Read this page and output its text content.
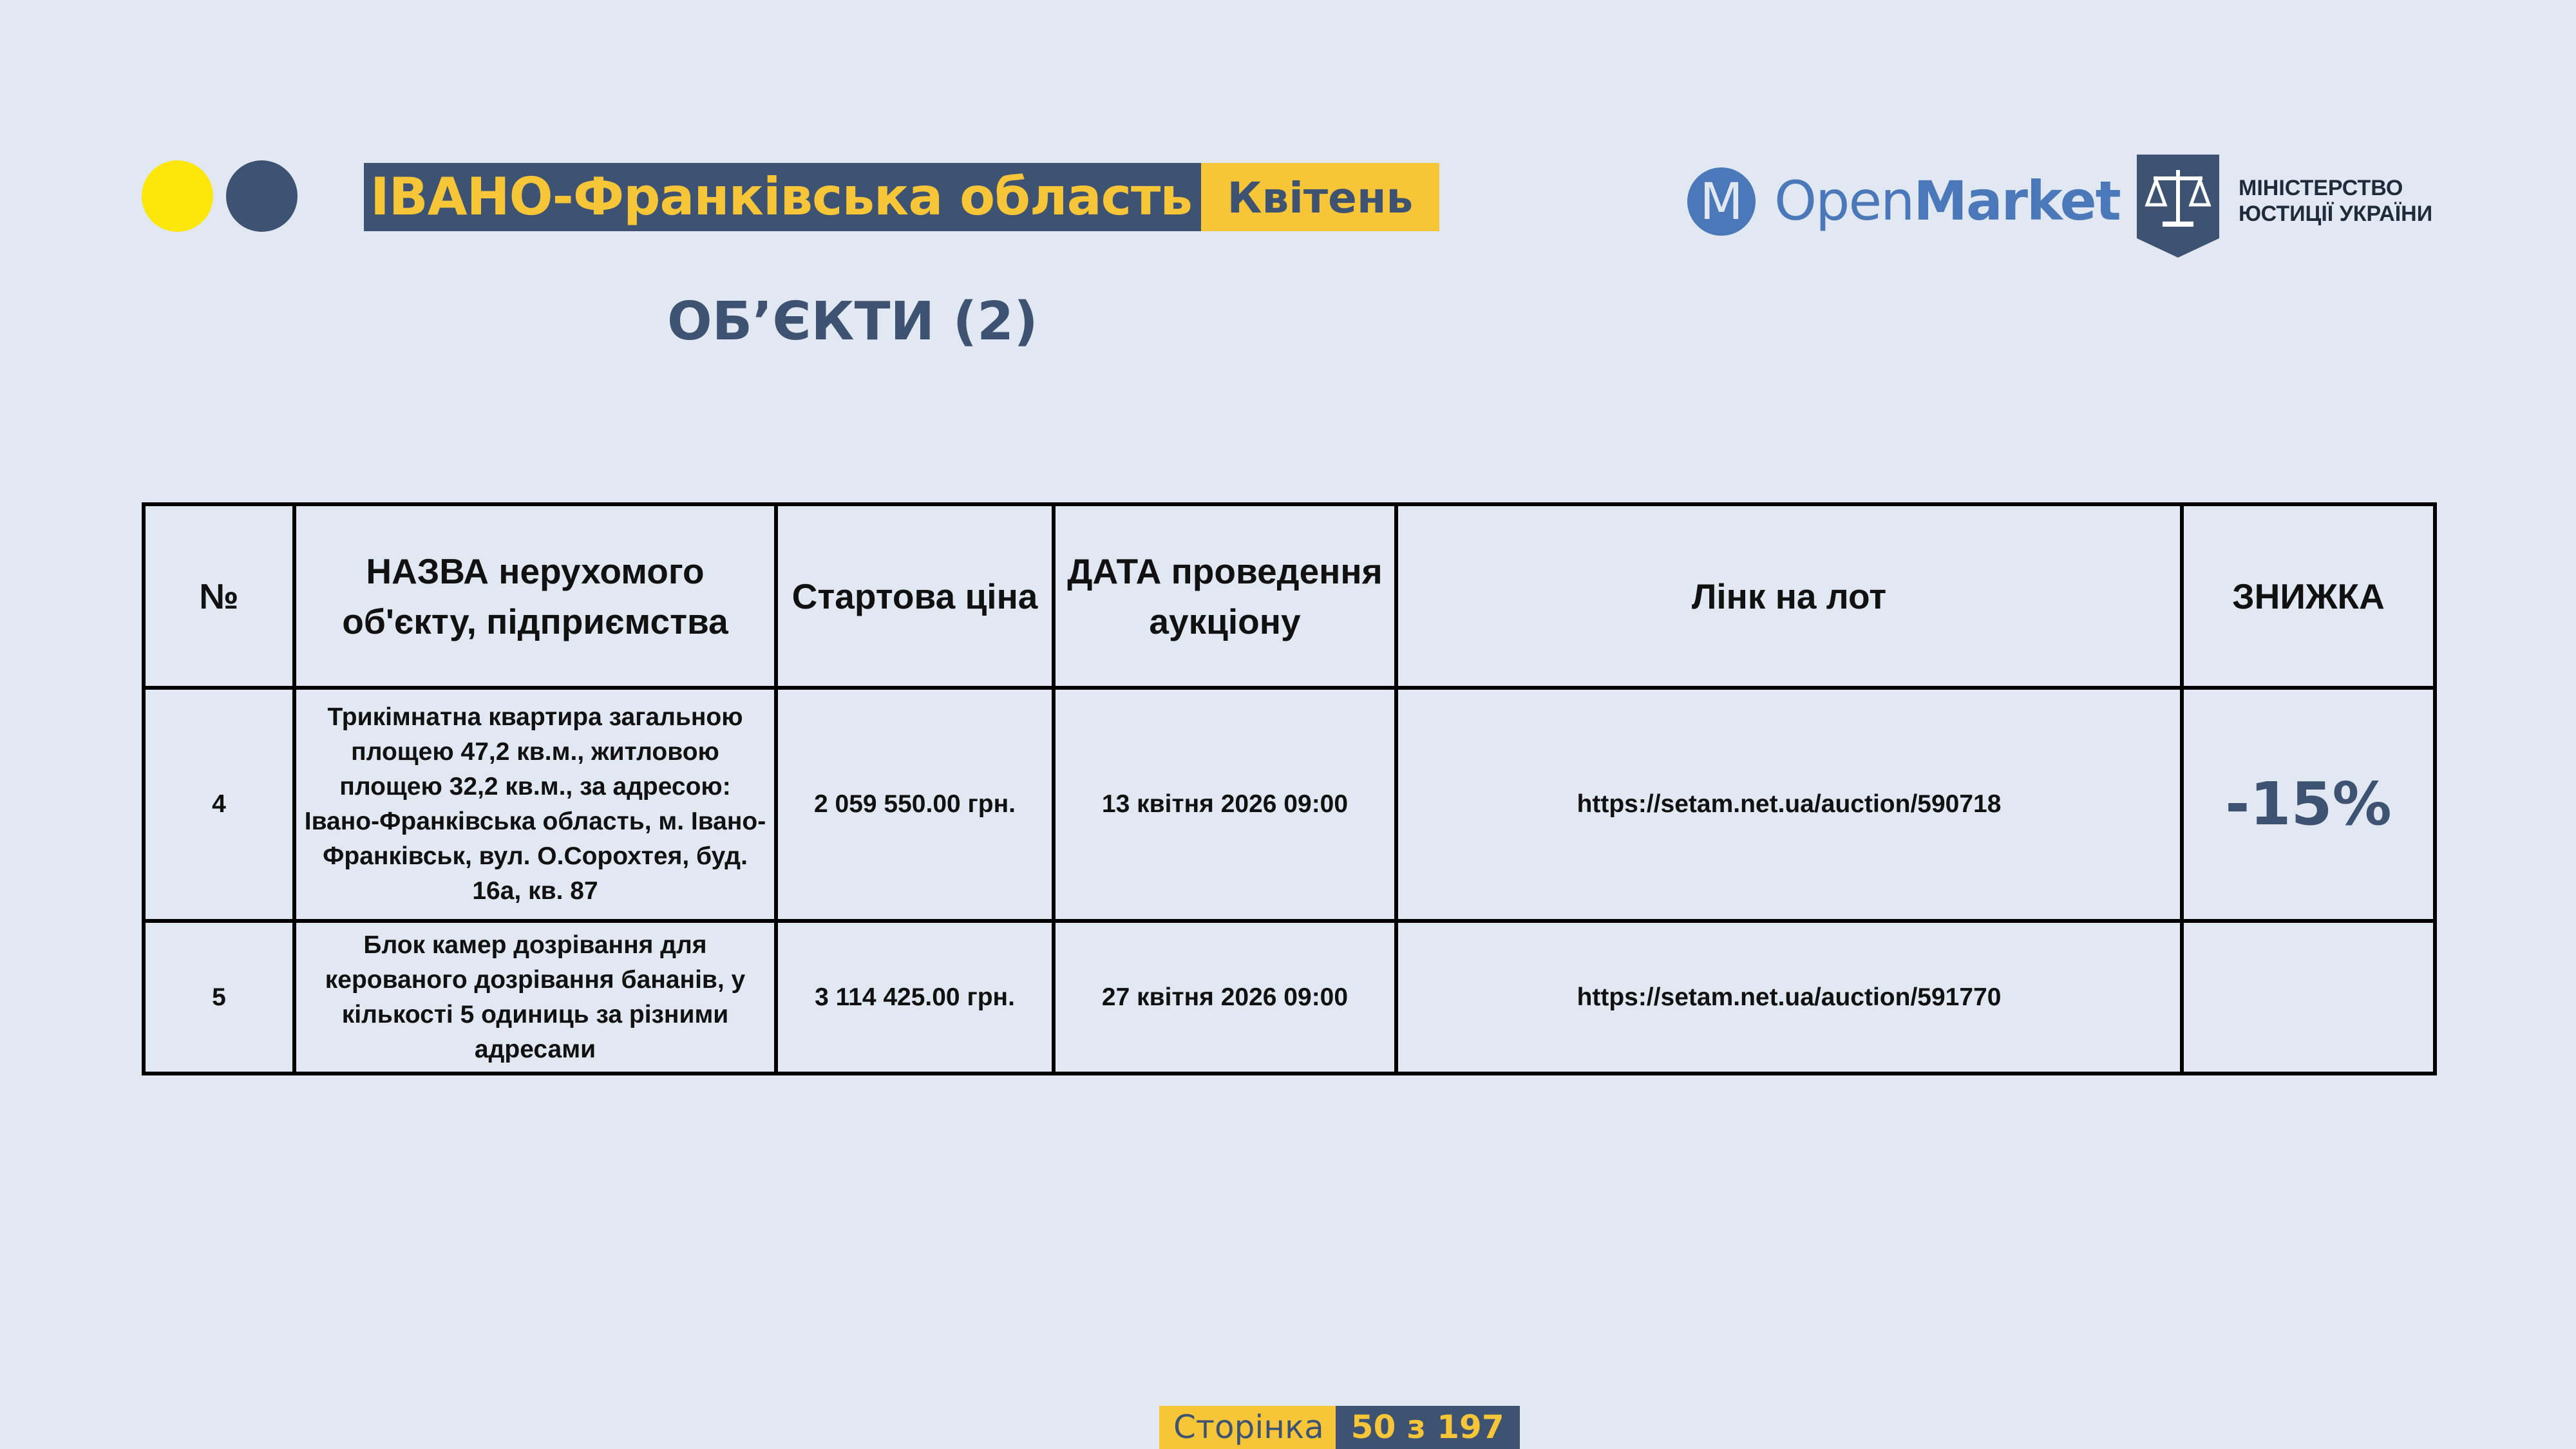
ІВАНО-Франківська область Квітень	M OpenMarket	МІНІСТЕРСТВО
ЮСТИЦІЇ УКРАЇНИ
ОБ’ЄКТИ (2)
№	НАЗВА нерухомого об'єкту, підприємства	Стартова ціна	ДАТА проведення аукціону	Лінк на лот	ЗНИЖКА
4	Трикімнатна квартира загальною площею 47,2 кв.м., житловою площею 32,2 кв.м., за адресою: Івано-Франківська область, м. Івано-Франківськ, вул. О.Сорохтея, буд. 16а, кв. 87	2 059 550.00 грн.	13 квітня 2026 09:00	https://setam.net.ua/auction/590718	-15%
5	Блок камер дозрівання для керованого дозрівання бананів, у кількості 5 одиниць за різними адресами	3 114 425.00 грн.	27 квітня 2026 09:00	https://setam.net.ua/auction/591770	
Сторінка 50 з 197
